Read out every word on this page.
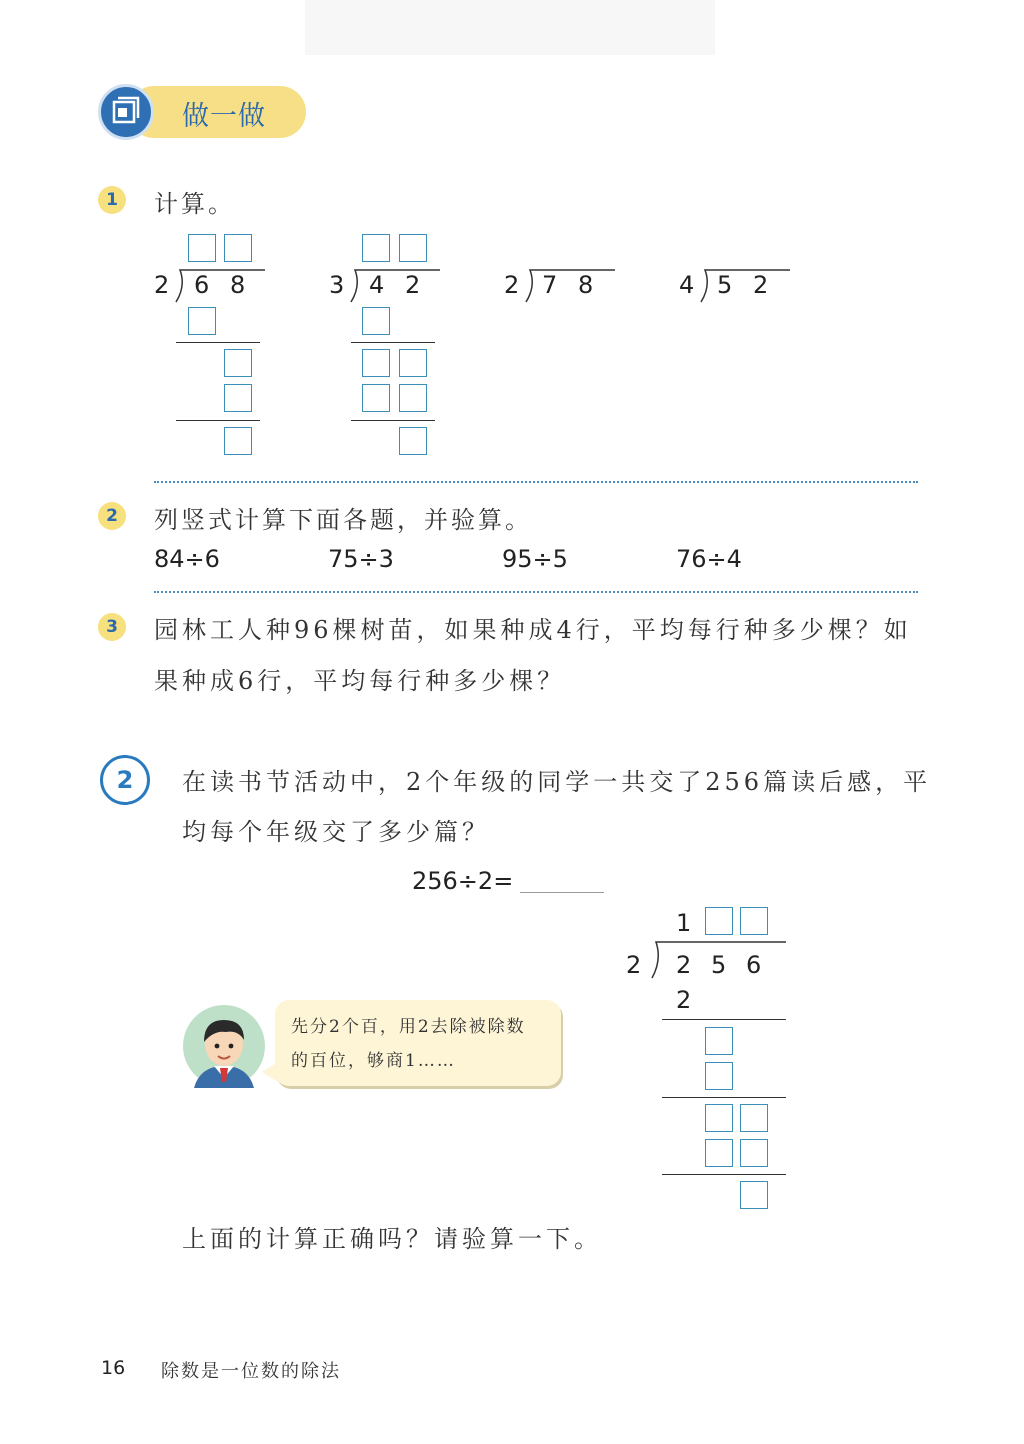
做一做
1	计算。
2 6 8	3 4 2	2 7 8	4 5 2
2	列竖式计算下面各题，并验算。
84÷6	75÷3	95÷5	76÷4
3	园林工人种96棵树苗，如果种成4行，平均每行种多少棵？如
果种成6行，平均每行种多少棵？
2	在读书节活动中，2个年级的同学一共交了256篇读后感，平
均每个年级交了多少篇？
256÷2=
1
2 2 5 6
2
先分2个百，用2去除被除数
的百位，够商1……
上面的计算正确吗？请验算一下。
16 除数是一位数的除法
